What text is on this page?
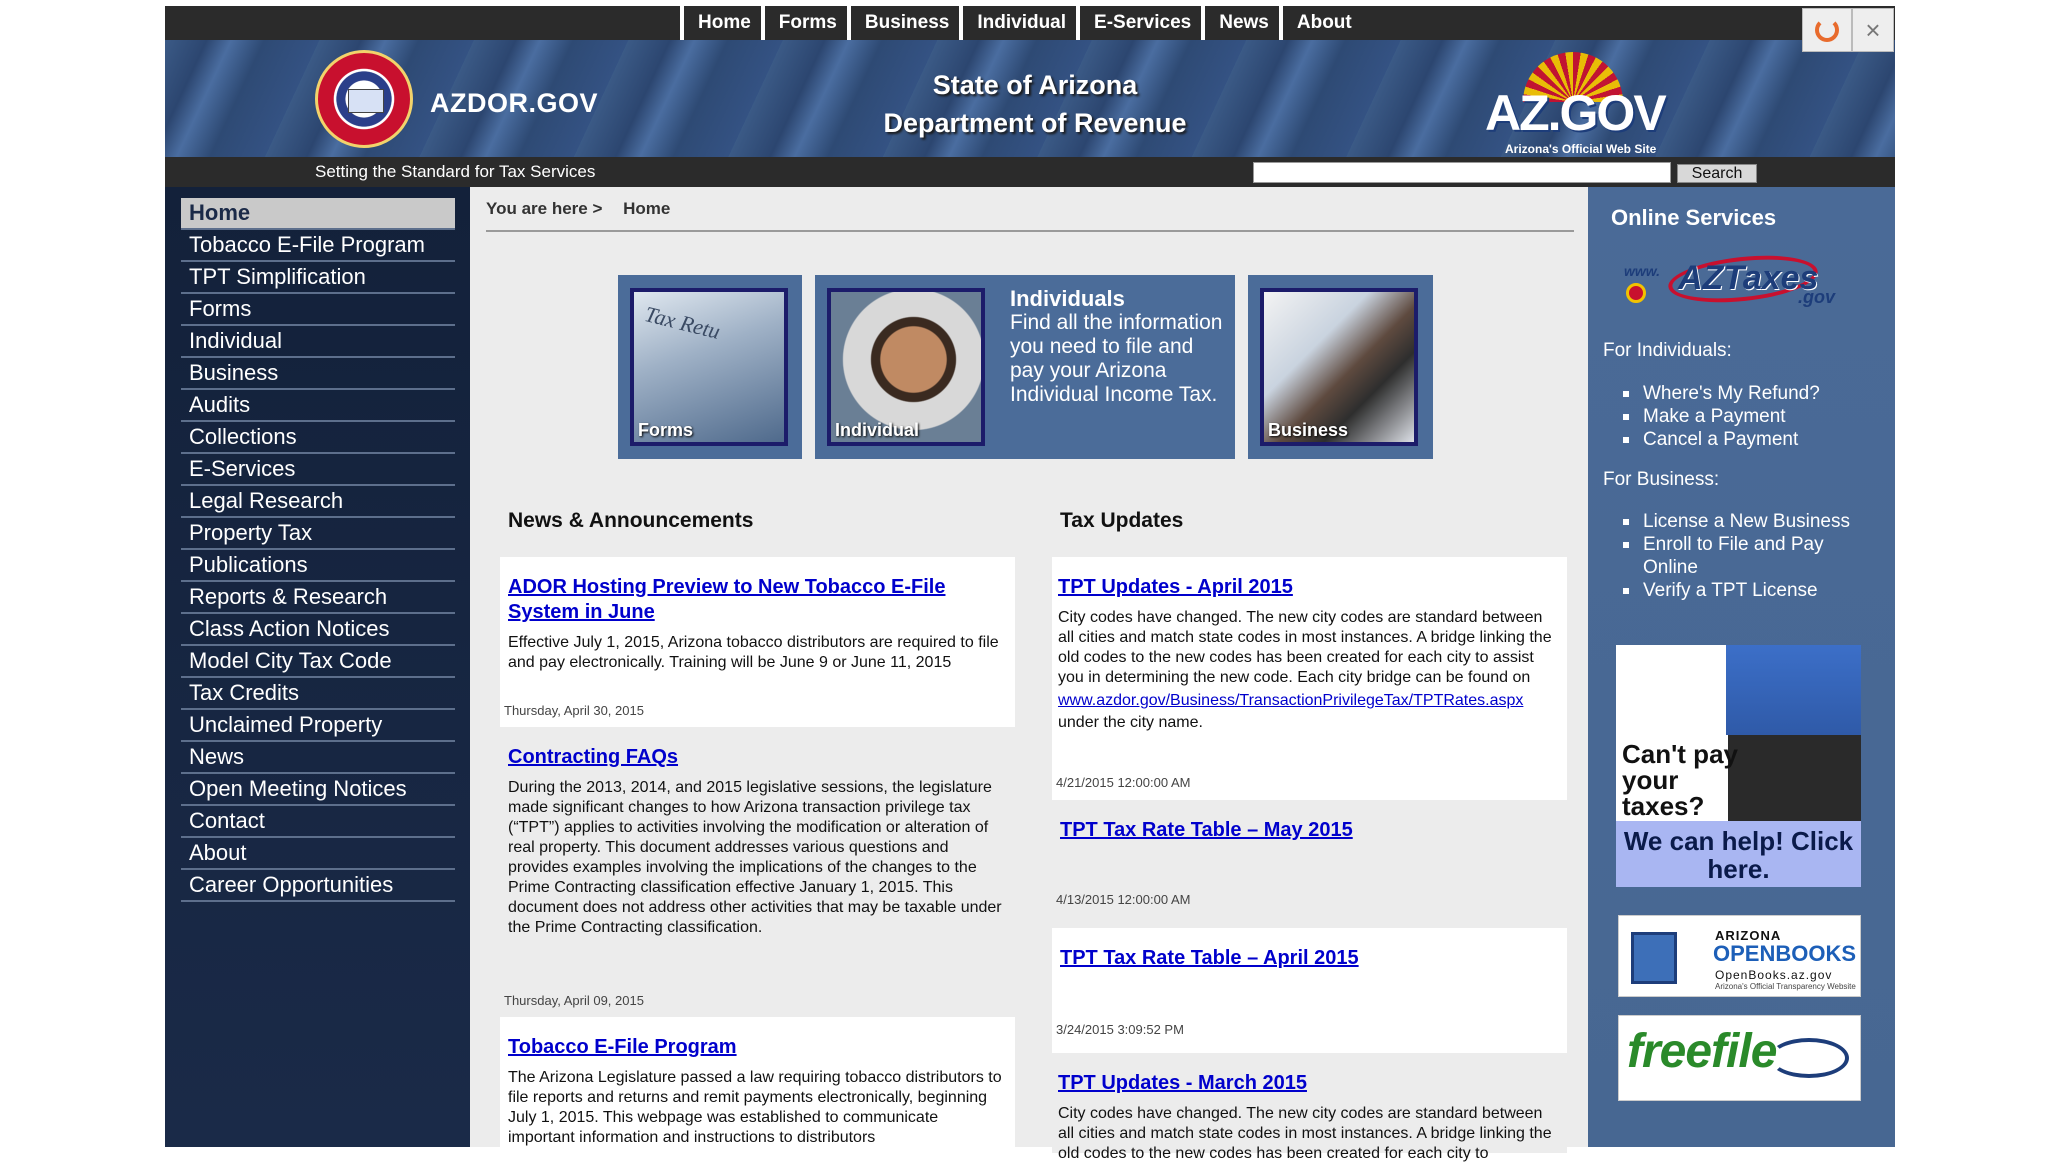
Home	Forms	Business	Individual	E-Services	News	About
AZDOR.GOV
State of Arizona
Department of Revenue	AZ.GOV
Arizona's Official Web Site
Setting the Standard for Tax Services	Search
Home
Tobacco E-File Program
TPT Simplification
Forms
Individual
Business
Audits
Collections
E-Services
Legal Research
Property Tax
Publications
Reports & Research
Class Action Notices
Model City Tax Code
Tax Credits
Unclaimed Property
News
Open Meeting Notices
Contact
About
Career Opportunities
You are here > Home
Tax Retu
Forms	Individual
Individuals
Find all the information you need to file and pay your Arizona Individual Income Tax.
Business
News & Announcements	Tax Updates
ADOR Hosting Preview to New Tobacco E-File System in June

Effective July 1, 2015, Arizona tobacco distributors are required to file and pay electronically. Training will be June 9 or June 11, 2015

Thursday, April 30, 2015
Contracting FAQs

During the 2013, 2014, and 2015 legislative sessions, the legislature made significant changes to how Arizona transaction privilege tax (“TPT”) applies to activities involving the modification or alteration of real property. This document addresses various questions and provides examples involving the implications of the changes to the Prime Contracting classification effective January 1, 2015. This document does not address other activities that may be taxable under the Prime Contracting classification.

Thursday, April 09, 2015
Tobacco E-File Program

The Arizona Legislature passed a law requiring tobacco distributors to file reports and returns and remit payments electronically, beginning July 1, 2015. This webpage was established to communicate important information and instructions to distributors

TPT Updates - April 2015

City codes have changed. The new city codes are standard between all cities and match state codes in most instances. A bridge linking the old codes to the new codes has been created for each city to assist you in determining the new code. Each city bridge can be found on www.azdor.gov/Business/TransactionPrivilegeTax/TPTRates.aspx under the city name.

4/21/2015 12:00:00 AM
TPT Tax Rate Table – May 2015
4/13/2015 12:00:00 AM
TPT Tax Rate Table – April 2015
3/24/2015 3:09:52 PM
TPT Updates - March 2015

City codes have changed. The new city codes are standard between all cities and match state codes in most instances. A bridge linking the old codes to the new codes has been created for each city to

Online Services
www. AZTaxes
.gov
For Individuals:
Where's My Refund?
Make a Payment
Cancel a Payment
For Business:
License a New Business
Enroll to File and Pay Online
Verify a TPT License
Can't pay your taxes?
We can help! Click here.
ARIZONA
OPENBOOKS
OpenBooks.az.gov
Arizona's Official Transparency Website
freefile
×
